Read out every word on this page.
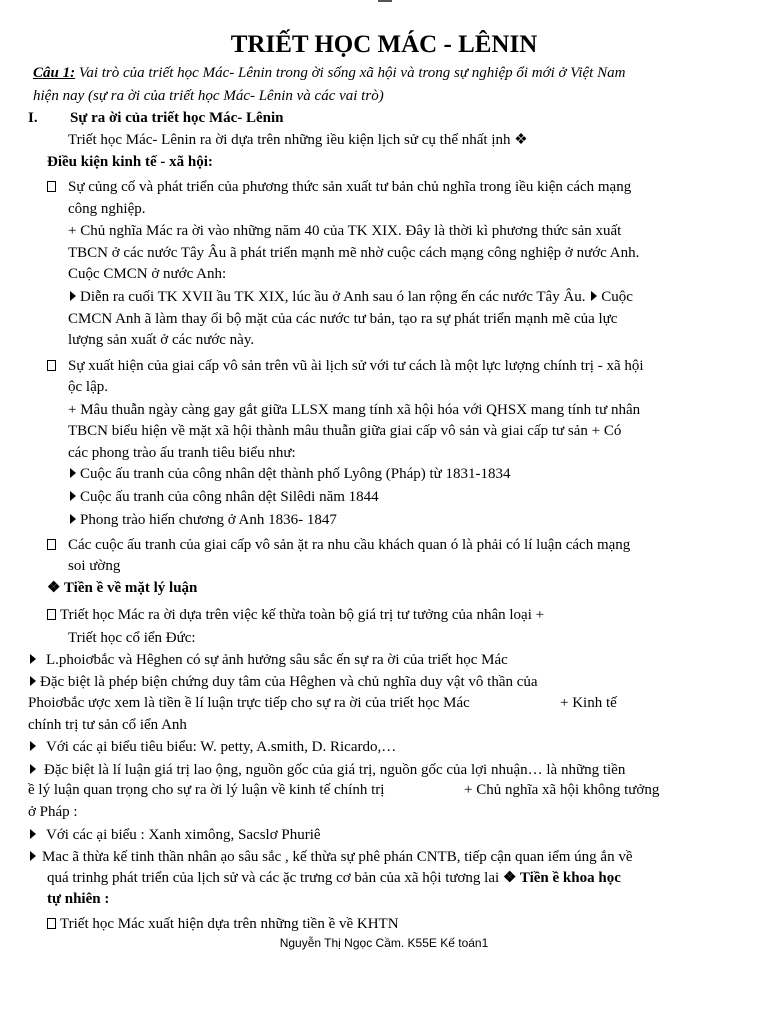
TRIẾT HỌC MÁC - LÊNIN
Câu 1: Vai trò của triết học Mác- Lênin trong ời sống xã hội và trong sự nghiệp ổi mới ở Việt Nam
hiện nay (sự ra ời của triết học Mác- Lênin và các vai trò)
I. Sự ra ời của triết học Mác- Lênin
Triết học Mác- Lênin ra ời dựa trên những iều kiện lịch sử cụ thể nhất ịnh ❖
Điều kiện kinh tế - xã hội:
Sự củng cố và phát triển của phương thức sản xuất tư bản chủ nghĩa trong iều kiện cách mạng
công nghiệp.
+ Chủ nghĩa Mác ra ời vào những năm 40 của TK XIX. Đây là thời kì phương thức sản xuất
TBCN ở các nước Tây Âu ã phát triển mạnh mẽ nhờ cuộc cách mạng công nghiệp ở nước Anh.
Cuộc CMCN ở nước Anh:
Diễn ra cuối TK XVII ầu TK XIX, lúc ầu ở Anh sau ó lan rộng ến các nước Tây Âu. Cuộc
CMCN Anh ã làm thay ổi bộ mặt của các nước tư bản, tạo ra sự phát triển mạnh mẽ của lực
lượng sản xuất ở các nước này.
Sự xuất hiện của giai cấp vô sản trên vũ ài lịch sử với tư cách là một lực lượng chính trị - xã hội
ộc lập.
+ Mâu thuẫn ngày càng gay gắt giữa LLSX mang tính xã hội hóa với QHSX mang tính tư nhân
TBCN biểu hiện về mặt xã hội thành mâu thuẫn giữa giai cấp vô sản và giai cấp tư sản + Có
các phong trào ấu tranh tiêu biểu như:
Cuộc ấu tranh của công nhân dệt thành phố Lyông (Pháp) từ 1831-1834
Cuộc ấu tranh của công nhân dệt Silêdi năm 1844
Phong trào hiến chương ở Anh 1836- 1847
Các cuộc ấu tranh của giai cấp vô sản ặt ra nhu cầu khách quan ó là phải có lí luận cách mạng
soi ường
❖ Tiền ề về mặt lý luận
Triết học Mác ra ời dựa trên việc kế thừa toàn bộ giá trị tư tưởng của nhân loại +
Triết học cổ iển Đức:
L.phoiơbắc và Hêghen có sự ảnh hưởng sâu sắc ến sự ra ời của triết học Mác
Đặc biệt là phép biện chứng duy tâm của Hêghen và chủ nghĩa duy vật vô thần của
Phoiơbắc ược xem là tiền ề lí luận trực tiếp cho sự ra ời của triết học Mác	+ Kinh tế
chính trị tư sản cổ iển Anh
Với các ại biểu tiêu biểu: W. petty, A.smith, D. Ricardo,…
Đặc biệt là lí luận giá trị lao ộng, nguồn gốc của giá trị, nguồn gốc của lợi nhuận… là những tiền
ề lý luận quan trọng cho sự ra ời lý luận về kinh tế chính trị	+ Chủ nghĩa xã hội không tưởng
ở Pháp :
Với các ại biểu : Xanh ximông, Sacslơ Phuriê
Mac ã thừa kế tinh thần nhân ạo sâu sắc , kế thừa sự phê phán CNTB, tiếp cận quan iểm úng ắn về
quá trinhg phát triển của lịch sử và các ặc trưng cơ bản của xã hội tương lai ❖ Tiền ề khoa học
tự nhiên :
Triết học Mác xuất hiện dựa trên những tiền ề về KHTN
Nguyễn Thị Ngọc Cầm. K55E Kế toán1
